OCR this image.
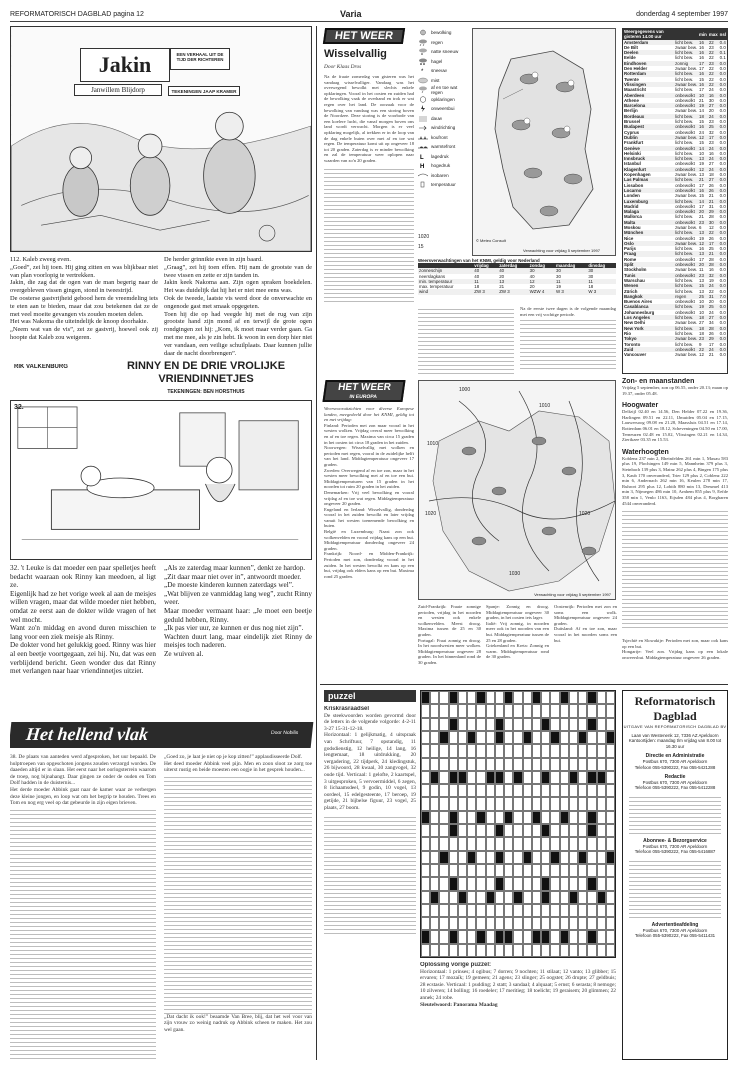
REFORMATORISCH DAGBLAD pagina 12	Varia	donderdag 4 september 1997
Jakin	EEN VERHAAL UIT DE TIJD DER RICHTEREN
Janwillem Blijdorp	TEKENINGEN JAAP KRAMER

112. Kaleb zweeg even.

„Goed”, zei hij toen. Hij ging zitten en was blijkbaar niet van plan voorlopig te vertrekken.

Jakin, die zag dat de ogen van de man begerig naar de overgebleven vissen gingen, stond in tweestrijd.

De oosterse gastvrijheid gebood hem de vreemdeling iets te eten aan te bieden, maar dat zou betekenen dat ze de met veel moeite gevangen vis zouden moeten delen.

Het was Nakoma die uiteindelijk de knoop doorhakte.

„Neem wat van de vis”, zei ze gastvrij, hoewel ook zij hoopte dat Kaleb zou weigeren.

De herder grinnikte even in zijn baard.

„Graag”, zei hij toen effen. Hij nam de grootste van de twee vissen en zette er zijn tanden in.

Jakin keek Nakoma aan. Zijn ogen spraken boekdelen. Het was duidelijk dat hij het er niet mee eens was.

Ook de tweede, laatste vis werd door de onverwachte en ongenode gast met smaak opgegeten.

Toen hij die op had veegde hij met de rug van zijn grootste hand zijn mond af en terwijl de grote ogen rondgingen zei hij: „Kom, ik moet maar verder gaan. Ga met me mee, als je zin hebt. Ik woon in een dorp hier niet ver vandaan, een veilige schuilplaats. Daar kunnen jullie daar de nacht doorbrengen”.

RIK VALKENBURG	RINNY EN DE DRIE VROLIJKE VRIENDINNETJES
TEKENINGEN: BEN HORSTHUIS
32.

32. 't Leuke is dat moeder een paar spelletjes heeft bedacht waaraan ook Rinny kan meedoen, al ligt ze.

Eigenlijk had ze het vorige week al aan de meisjes willen vragen, maar dat wilde moeder niet hebben, omdat ze eerst aan de dokter wilde vragen of het wel mocht.

Want zo'n middag en avond duren misschien te lang voor een ziek meisje als Rinny.

De dokter vond het gelukkig goed. Rinny was hier al een beetje voortgegaan, zei hij. Nu, dat was een verblijdend bericht. Geen wonder dus dat Rinny met verlangen naar haar vriendinnetjes uitziet.

„Als ze zaterdag maar kunnen”, denkt ze hardop.

„Zit daar maar niet over in”, antwoordt moeder.

„De moeste kinderen kunnen zaterdags wel”.

„Wat blijven ze vanmiddag lang weg”, zucht Rinny weer.

Maar moeder vermaant haar: „Je moet een beetje geduld hebben, Rinny.

„Ik pas vier uur, ze kunnen er dus nog niet zijn”.

Wachten duurt lang, maar eindelijk ziet Rinny de meisjes toch naderen.

Ze wuiven al.

Het hellend vlak	Door Nobilis

38. De plaats van aanteden werd afgesproken, het uur bepaald. De hulptroepen van opgeschoten jongens zouden verzorgd worden. De daaeden altijd er in slaan. Het eerst naar het oorlogsterrein waarom de troep, nog bijnahangt. Daar gingen ze onder de ouden en Tom Dolf hadden in de duisternis...

Het derde moeder Abbink gaat naar de kamer waar ze verbergen deze kleine jongen, en loop wat om het begrip te houden. Trees en Tom en nog erg veel op dat gebeurde in zijn eigen brieven.

„Goed zo, je laat je niet op je kop zitten!” applaudisseerde Dolf.

Het deed moeder Abbink veel pijn. Men en zoon sloot ze zorg toe uiterst rustig en beide moesten een oogje in het gesprek houden...

„Dat dacht ik ook!” beaamde Van Bree, blij, dat het wel voor van zijn vrouw zo weinig nadruk op Abbink scheen te maken. Het zou wel gaan.

HET WEER
Wisselvallig
Door Klaas Dros

Na de fraaie zomerdag van gisteren was het vandaag wisselvalliger. Vandaag was het overwegend bewolkt met slechts enkele opklaringen. Vooral in het oosten en zuiden had de bewolking vaak de overhand en trok er wat regen over het land. De oorzaak voor de bewolking van vandaag was een storing boven de Noordzee. Deze storing is de voorbode van een koelere lucht, die vanaf morgen boven ons land wordt verwacht. Morgen is er veel opklaring mogelijk, al trekken er in de loop van de dag enkele buien over met af en toe wat regen. De temperatuur komt uit op ongeveer 18 tot 20 graden. Zaterdag is er minder bewolking en zal de temperatuur weer oplopen naar waarden van zo'n 20 graden.

bewolking
regen
natte sneeuw
hagel
* sneeuw
mist
af en toe wat regen
opklaringen
onweersbui
dauw
windrichting
koufront
warmtefront
L lagedruk
H hogedruk
isobaren
temperatuur
© Meteo Consult
Verwachting voor vrijdag 5 september 1997
1020
15
Weersverwachtingen van het KNMI, geldig voor Nederland
	vrijdag	zaterdag	zondag	maandag	dinsdag
zonneschijn	40	40	30	30	30
neerslagkans	40	20	40	30	30
min. temperatuur	11	13	12	11	11
max. temperatuur	18	21	20	19	18
wind	ZW 3	ZW 3	WZW 4	W 3	W 3

Na de eerste twee dagen is de volgende maandag met een vrij vochtige periode.

Weergegevens van gisteren 14.00 uur		min	max	nsl
Amsterdam	licht bew.	16	22	0.4
De Bilt	zwaar bew.	16	23	0.0
Deelen	licht bew.	16	22	0.1
Eelde	licht bew.	16	22	0.1
Eindhoven	zonnig	17	23	0.0
Den Helder	zwaar bew.	17	22	0.0
Rotterdam	licht bew.	16	22	0.0
Twente	licht bew.	15	22	0.0
Vlissingen	zwaar bew.	16	22	0.0
Maastricht	licht bew.	17	24	0.0
Aberdeen	onbewolkt	10	16	0.0
Athene	onbewolkt	21	30	0.0
Barcelona	onbewolkt	19	27	0.0
Berlijn	zwaar bew.	14	20	0.0
Bordeaux	licht bew.	18	24	0.0
Brussel	licht bew.	15	23	0.0
Budapest	onbewolkt	16	25	0.0
Cyprus	onbewolkt	24	32	0.0
Dublin	zwaar bew.	12	17	0.0
Frankfurt	licht bew.	15	23	0.0
Genève	onbewolkt	14	24	0.0
Helsinki	licht bew.	10	16	0.0
Innsbruck	licht bew.	13	24	0.0
Istanbul	onbewolkt	19	27	0.0
Klagenfurt	onbewolkt	12	24	0.0
Kopenhagen	zwaar bew.	13	18	0.0
Las Palmas	licht bew.	21	27	0.0
Lissabon	onbewolkt	17	26	0.0
Locarno	onbewolkt	16	26	0.0
Londen	zwaar bew.	15	21	0.0
Luxemburg	licht bew.	14	21	0.0
Madrid	onbewolkt	17	31	0.0
Malaga	onbewolkt	20	29	0.0
Mallorca	licht bew.	21	28	0.0
Malta	onbewolkt	23	30	0.0
Moskou	zwaar bew.	6	12	0.0
München	licht bew.	13	22	0.0
Nice	onbewolkt	19	26	0.0
Oslo	zwaar bew.	12	17	0.0
Parijs	licht bew.	16	25	0.0
Praag	licht bew.	13	21	0.0
Rome	onbewolkt	17	28	0.0
Split	onbewolkt	20	28	0.0
Stockholm	zwaar bew.	11	16	0.0
Tunis	onbewolkt	23	32	0.0
Warschau	licht bew.	13	19	0.0
Wenen	licht bew.	15	24	0.0
Zürich	licht bew.	13	22	0.0
Bangkok	regen	25	31	7.0
Buenos Aires	onbewolkt	10	20	0.0
Casablanca	licht bew.	19	25	0.0
Johannesburg	onbewolkt	10	24	0.0
Los Angeles	licht bew.	18	27	0.0
New Delhi	zwaar bew.	27	34	0.0
New York	licht bew.	18	28	0.0
Rio	licht bew.	18	26	0.0
Tokyo	zwaar bew.	23	29	0.0
Toronto	licht bew.	9	17	0.0
Zuid	onbewolkt	22	24	0.0
Vancouver	zwaar bew.	12	21	0.0
Zon- en maanstanden

Vrijdag 5 september, zon op 06.55, onder 20.13; maan op 19.37, onder 05.48.

Hoogwater

Delfzijl 02.40 en 14.56, Den Helder 07.22 en 19.36, Harlingen 09.51 en 22.11, IJmuiden 05.04 en 17.15, Lauwersoog 09.08 en 21.28, Maassluis 04.51 en 17.14, Rotterdam 06.01 en 18.12, Scheveningen 04.50 en 17.00, Terneuzen 02.48 en 15.02, Vlissingen 02.21 en 14.34, Zierikzee 03.35 en 15.53.

Waterhoogten

Koblenz 237 min 2, Rheinfelden 261 min 1, Maxau 583 plus 19, Plochingen 149 min 5, Mannheim 379 plus 3, Steinbach 139 plus 3, Mainz 262 plus 4, Bingen 175 plus 3, Kaub 170 onveranderd, Trier 129 plus 2, Coblenz 222 min 6, Andernach 262 min 16, Keulen 278 min 17, Ruhrort 295 plus 12, Lobith 880 min 13, Dreumel 413 min 3, Nijmegen 486 min 10, Arnhem 855 plus 9, Eefde 358 min 1, Venlo 1163, Eijsden 484 plus 4, Borgharen 4544 onveranderd.

HET WEER
IN EUROPA

Weersvooruitzichten voor diverse Europese landen, meegedeeld door het KNMI, geldig tot en met vrijdag:

Finland: Perioden met zon maar vooral in het westen wolken. Vrijdag overal meer bewolking en af en toe regen. Maxima van circa 15 graden in het oosten tot circa 18 graden in het zuiden.

Noorwegen: Wisselvallig met wolken en perioden met regen, vooral in de zuidelijke helft van het land. Middagtemperatuur ongeveer 17 graden.

Zweden: Overwegend af en toe zon, maar in het westen meer bewolking met af en toe een bui. Middagtemperaturen van 15 graden in het noorden tot ruim 20 graden in het zuiden.

Denemarken: Vrij veel bewolking en vooral vrijdag af en toe wat regen. Middagtemperatuur ongeveer 20 graden.

Engeland en Ierland: Wisselvallig, donderdag vooral in het zuiden bewolkt en later vrijdag vanuit het westen toenemende bewolking en buien.

België en Luxemburg: Naast zon ook wolkenvelden en vooral vrijdag kans op een bui. Middagtemperatuur donderdag ongeveer 24 graden.

Frankrijk: Noord- en Midden-Frankrijk: Perioden met zon, donderdag vooral in het zuiden. In het westen bewolkt en kans op een bui, vrijdag ook elders kans op een bui. Maxima rond 25 graden.

Verwachting voor vrijdag 5 september 1997
1000
1010
1010
1020	1020
1030

Zuid-Frankrijk: Fraaie zonnige perioden, vrijdag in het noorden en westen ook enkele wolkenvelden. Meest droog. Maxima tussen de 25 en 30 graden.

Portugal: Fraai zonnig en droog. In het noordwesten meer wolken. Middagtemperatuur ongeveer 28 graden. In het binnenland rond de 30 graden.

Spanje: Zonnig en droog. Middagtemperatuur ongeveer 30 graden, in het oosten iets lager.

Italië: Vrij zonnig, in noorden meer ook in het noorden van een bui. Middagtemperatuur tussen de 25 en 28 graden.

Griekenland en Kreta: Zonnig en warm. Middagtemperatuur rond de 30 graden.

Oostenrijk: Perioden met zon en soms een wolk. Middagtemperatuur ongeveer 24 graden.

Duitsland: Af en toe zon, maar vooral in het noorden soms een bui.	Tsjechië en Slowakije: Perioden met zon, maar ook kans op een bui.

Hongarije: Veel zon. Vrijdag kans op een lokale onweersbui. Middagtemperatuur ongeveer 26 graden.

puzzel
Kriskrasraadsel

De steekwoorden worden gevormd door de letters in de volgende volgorde: 4-2-11 3-27 15-31-12-18.

Horizontaal: 1 gelijkmatig, 4 uitspraak van Schriftuur, 7 opstandig, 11 godsdienstig, 12 heilige, 14 lang, 16 lengtemaat, 18 uitdrukking, 20 vergadering, 22 tijdperk, 24 kledingstuk, 26 bijwoord, 28 kwaal, 30 zangvogel, 32 oude tijd. Verticaal: 1 gelofte, 2 kaartspel, 3 uitgesproken, 5 vervoermiddel, 6 zegen, 8 lichaamsdeel, 9 godin, 10 vogel, 13 oordeel, 15 edelgesteente, 17 beroep, 19 getijde, 21 bijbelse figuur, 23 vogel, 25 plaats, 27 boom.

Oplossing vorige puzzel:

Horizontaal: 1 prinses; 4 ogibus; 7 dorren; 9 nochten; 11 stilaat; 12 vanto; 13 glibber; 15 ervaren; 17 mozaïk; 19 gemeen; 21 agens; 23 slinger; 25 oogstet; 26 drupte; 27 geldbuis; 28 ecstasie. Verticaal: 1 pudding; 2 statt; 3 sandaal; 4 alquaat; 5 ernst; 6 serasta; 8 nemoge; 10 zilveren; 14 bolling; 16 roedeler; 17 meritieg; 18 toelicht; 19 geraisem; 20 glimmen; 22 annek; 24 robe.

Sleutelwoord: Panorama Maadag

Reformatorisch Dagblad
UITGAVE VAN REFORMATORISCH DAGBLAD BV
Laan van Westenenk 12, 7336 AZ Apeldoorn
Kantoortijden: maandag t/m vrijdag van 8.00 tot 16.30 uur
Directie en Administratie
Postbus 670, 7300 AR Apeldoorn
Telefoon 055-5390222, Fax 055-5421288
Redactie
Postbus 670, 7300 AR Apeldoorn
Telefoon 055-5390222, Fax 055-5412288
Abonnee- & Bezorgservice
Postbus 670, 7300 AR Apeldoorn
Telefoon 055-5390222, Fax 055-5416887
Advertentieafdeling
Postbus 670, 7300 AR Apeldoorn
Telefoon 055-5390222, Fax 055-5411431
